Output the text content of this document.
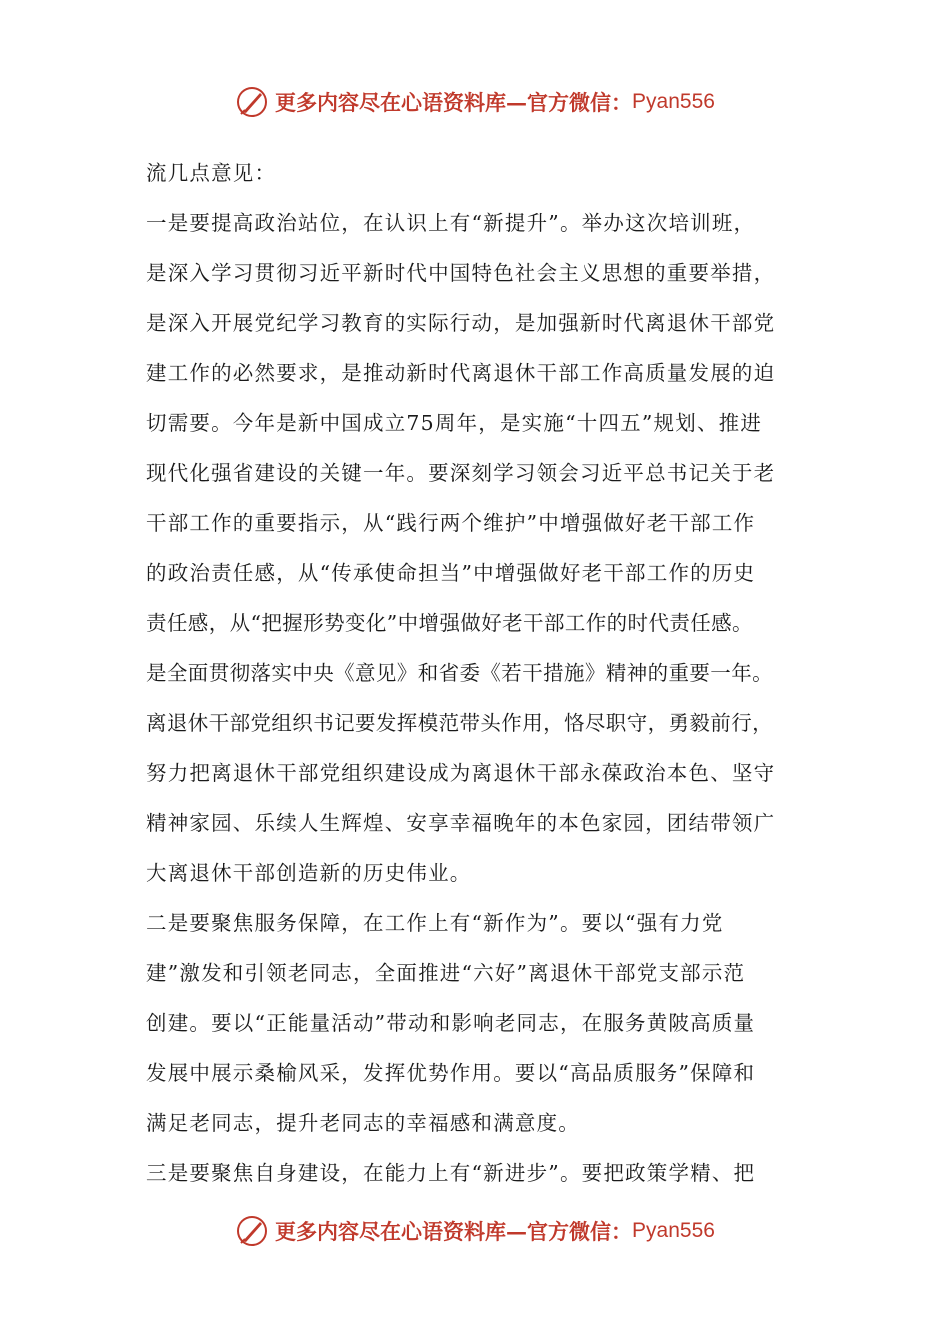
更多内容尽在心语资料库—官方微信： Pyan556
流几点意见：
一是要提高政治站位，在认识上有“新提升”。举办这次培训班，
是深入学习贯彻习近平新时代中国特色社会主义思想的重要举措，
是深入开展党纪学习教育的实际行动，是加强新时代离退休干部党
建工作的必然要求，是推动新时代离退休干部工作高质量发展的迫
切需要。今年是新中国成立75周年，是实施“十四五”规划、推进
现代化强省建设的关键一年。要深刻学习领会习近平总书记关于老
干部工作的重要指示，从“践行两个维护”中增强做好老干部工作
的政治责任感，从“传承使命担当”中增强做好老干部工作的历史
责任感，从“把握形势变化”中增强做好老干部工作的时代责任感。
是全面贯彻落实中央《意见》和省委《若干措施》精神的重要一年。
离退休干部党组织书记要发挥模范带头作用，恪尽职守，勇毅前行，
努力把离退休干部党组织建设成为离退休干部永葆政治本色、坚守
精神家园、乐续人生辉煌、安享幸福晚年的本色家园，团结带领广
大离退休干部创造新的历史伟业。
二是要聚焦服务保障，在工作上有“新作为”。要以“强有力党
建”激发和引领老同志，全面推进“六好”离退休干部党支部示范
创建。要以“正能量活动”带动和影响老同志，在服务黄陂高质量
发展中展示桑榆风采，发挥优势作用。要以“高品质服务”保障和
满足老同志，提升老同志的幸福感和满意度。
三是要聚焦自身建设，在能力上有“新进步”。要把政策学精、把
更多内容尽在心语资料库—官方微信： Pyan556
